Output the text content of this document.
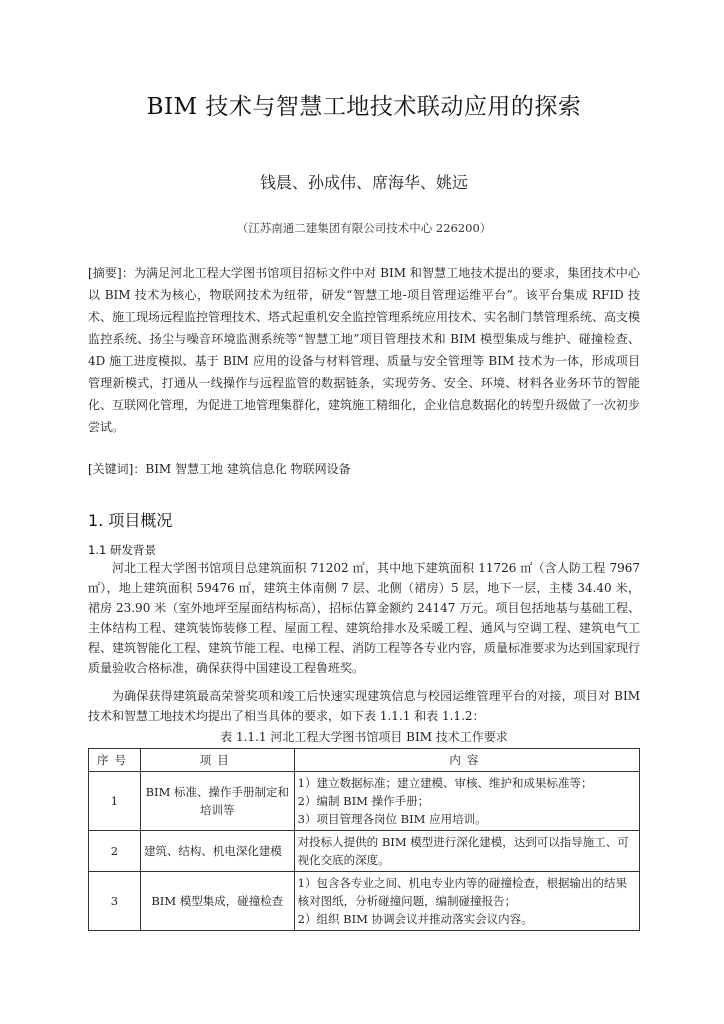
BIM 技术与智慧工地技术联动应用的探索
钱晨、孙成伟、席海华、姚远
（江苏南通二建集团有限公司技术中心 226200）

[摘要]：为满足河北工程大学图书馆项目招标文件中对 BIM 和智慧工地技术提出的要求，集团技术中心以 BIM 技术为核心，物联网技术为纽带，研发“智慧工地-项目管理运维平台”。该平台集成 RFID 技术、施工现场远程监控管理技术、塔式起重机安全监控管理系统应用技术、实名制门禁管理系统、高支模监控系统、扬尘与噪音环境监测系统等“智慧工地”项目管理技术和 BIM 模型集成与维护、碰撞检查、4D 施工进度模拟、基于 BIM 应用的设备与材料管理、质量与安全管理等 BIM 技术为一体，形成项目管理新模式，打通从一线操作与远程监管的数据链条，实现劳务、安全、环境、材料各业务环节的智能化、互联网化管理，为促进工地管理集群化，建筑施工精细化，企业信息数据化的转型升级做了一次初步尝试。

[关键词]：BIM 智慧工地 建筑信息化 物联网设备

1. 项目概况
1.1 研发背景

河北工程大学图书馆项目总建筑面积 71202 ㎡，其中地下建筑面积 11726 ㎡（含人防工程 7967 ㎡），地上建筑面积 59476 ㎡，建筑主体南侧 7 层、北侧（裙房）5 层，地下一层，主楼 34.40 米，裙房 23.90 米（室外地坪至屋面结构标高），招标估算金额约 24147 万元。项目包括地基与基础工程、主体结构工程、建筑装饰装修工程、屋面工程、建筑给排水及采暖工程、通风与空调工程、建筑电气工程、建筑智能化工程、建筑节能工程、电梯工程、消防工程等各专业内容，质量标准要求为达到国家现行质量验收合格标准，确保获得中国建设工程鲁班奖。

为确保获得建筑最高荣誉奖项和竣工后快速实现建筑信息与校园运维管理平台的对接，项目对 BIM 技术和智慧工地技术均提出了相当具体的要求，如下表 1.1.1 和表 1.1.2：

表 1.1.1 河北工程大学图书馆项目 BIM 技术工作要求
序号	项目	内容
1	BIM 标准、操作手册制定和培训等	1）建立数据标准；建立建模、审核、维护和成果标准等；
2）编制 BIM 操作手册；
3）项目管理各岗位 BIM 应用培训。

2	建筑、结构、机电深化建模	对投标人提供的 BIM 模型进行深化建模，达到可以指导施工、可视化交底的深度。

3	BIM 模型集成，碰撞检查	1）包含各专业之间、机电专业内等的碰撞检查，根据输出的结果核对图纸，分析碰撞问题，编制碰撞报告；
2）组织 BIM 协调会议并推动落实会议内容。
